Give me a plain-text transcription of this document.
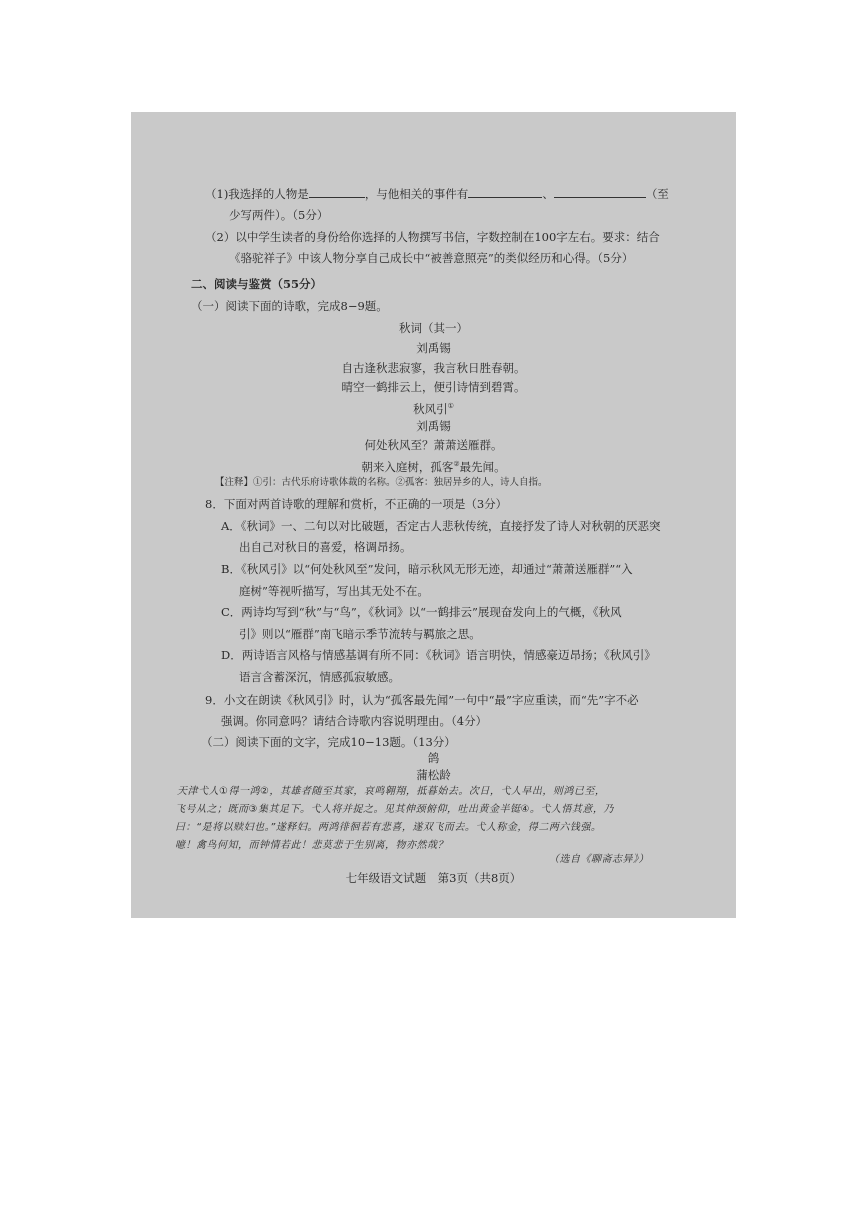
（1)我选择的人物是	，与他相关的事件有	、	（至
少写两件）。（5分）
（2）以中学生读者的身份给你选择的人物撰写书信，字数控制在100字左右。要求：结合
《骆驼祥子》中该人物分享自己成长中“被善意照亮”的类似经历和心得。（5分）
二、阅读与鉴赏（55分）
（一）阅读下面的诗歌，完成8−9题。
秋词（其一）
刘禹锡
自古逢秋悲寂寥，我言秋日胜春朝。
晴空一鹤排云上，便引诗情到碧霄。
秋风引①
刘禹锡
何处秋风至？萧萧送雁群。
朝来入庭树，孤客②最先闻。
【注释】①引：古代乐府诗歌体裁的名称。②孤客：独居异乡的人，诗人自指。
8．下面对两首诗歌的理解和赏析，不正确的一项是（3分）
A．《秋词》一、二句以对比破题，否定古人悲秋传统，直接抒发了诗人对秋朝的厌恶突
出自己对秋日的喜爱，格调昂扬。
B．《秋风引》以“何处秋风至”发问，暗示秋风无形无迹，却通过“萧萧送雁群”“入
庭树”等视听描写，写出其无处不在。
C．两诗均写到“秋”与“鸟”，《秋词》以“一鹤排云”展现奋发向上的气概，《秋风
引》则以“雁群”南飞暗示季节流转与羁旅之思。
D．两诗语言风格与情感基调有所不同：《秋词》语言明快，情感豪迈昂扬；《秋风引》
语言含蓄深沉，情感孤寂敏感。
9．小文在朗读《秋风引》时，认为“孤客最先闻”一句中“最”字应重读，而“先”字不必
强调。你同意吗？请结合诗歌内容说明理由。（4分）
（二）阅读下面的文字，完成10−13题。（13分）
鸽
蒲松龄
天津弋人①得一鸿②，其雄者随至其家，哀鸣翱翔，抵暮始去。次日，弋人早出，则鸿已至，
飞号从之；既而③集其足下。弋人将并捉之。见其伸颈俯仰，吐出黄金半铤④。弋人悟其意，乃
曰：“是将以赎妇也。”遂释妇。两鸿徘徊若有悲喜，遂双飞而去。弋人称金，得二两六钱强。
噫！禽鸟何知，而钟情若此！悲莫悲于生别离，物亦然哉？
（选自《聊斋志异》）
七年级语文试题　第3页（共8页）
